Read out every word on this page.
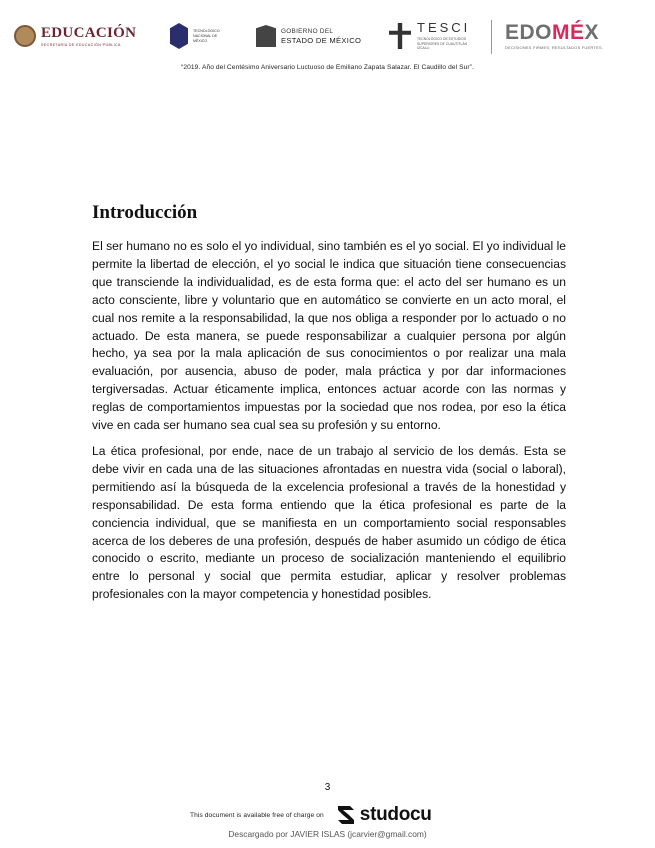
EDUCACIÓN
SECRETARÍA DE EDUCACIÓN PÚBLICA
TECNOLÓGICO NACIONAL DE MÉXICO
GOBIERNO DEL
ESTADO DE MÉXICO
TESCI
TECNOLÓGICO DE ESTUDIOS SUPERIORES DE CUAUTITLÁN IZCALLI
EDOMÉX
DECISIONES FIRMES, RESULTADOS FUERTES.
“2019. Año del Centésimo Aniversario Luctuoso de Emiliano Zapata Salazar. El Caudillo del Sur”.
Introducción

El ser humano no es solo el yo individual, sino también es el yo social. El yo individual le permite la libertad de elección, el yo social le indica que situación tiene consecuencias que transciende la individualidad, es de esta forma que: el acto del ser humano es un acto consciente, libre y voluntario que en automático se convierte en un acto moral, el cual nos remite a la responsabilidad, la que nos obliga a responder por lo actuado o no actuado. De esta manera, se puede responsabilizar a cualquier persona por algún hecho, ya sea por la mala aplicación de sus conocimientos o por realizar una mala evaluación, por ausencia, abuso de poder, mala práctica y por dar informaciones tergiversadas. Actuar éticamente implica, entonces actuar acorde con las normas y reglas de comportamientos impuestas por la sociedad que nos rodea, por eso la ética vive en cada ser humano sea cual sea su profesión y su entorno.

La ética profesional, por ende, nace de un trabajo al servicio de los demás. Esta se debe vivir en cada una de las situaciones afrontadas en nuestra vida (social o laboral), permitiendo así la búsqueda de la excelencia profesional a través de la honestidad y responsabilidad. De esta forma entiendo que la ética profesional es parte de la conciencia individual, que se manifiesta en un comportamiento social responsables acerca de los deberes de una profesión, después de haber asumido un código de ética conocido o escrito, mediante un proceso de socialización manteniendo el equilibrio entre lo personal y social que permita estudiar, aplicar y resolver problemas profesionales con la mayor competencia y honestidad posibles.

3
This document is available free of charge on studocu
Descargado por JAVIER ISLAS (jcarvier@gmail.com)
